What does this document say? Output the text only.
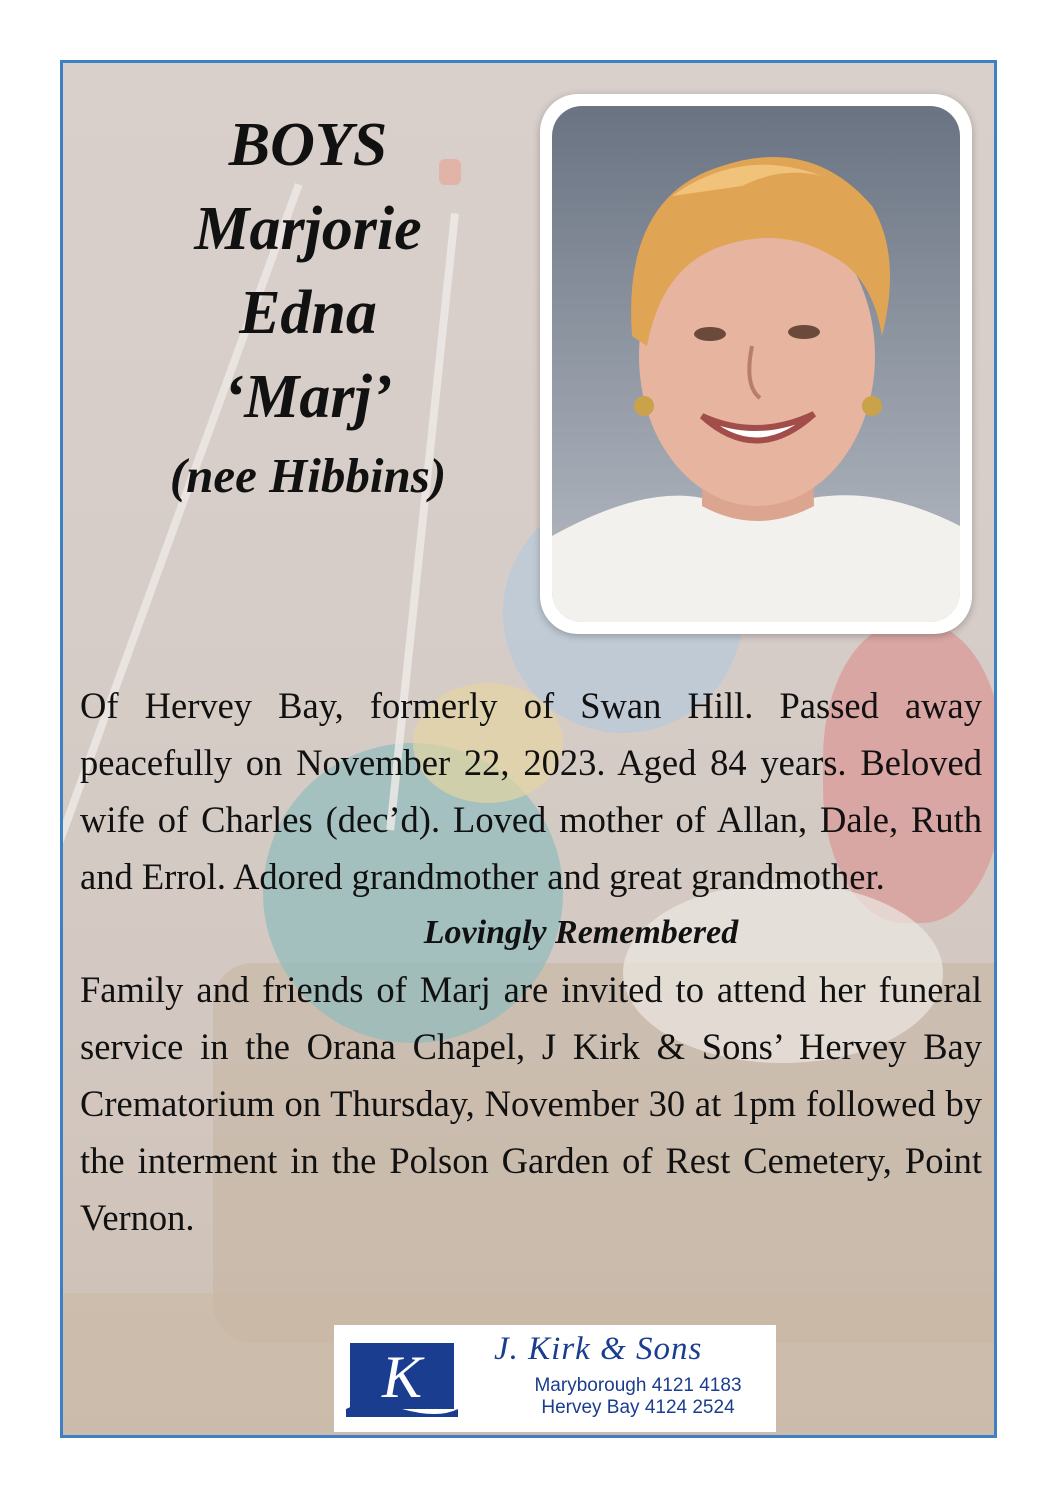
BOYS
Marjorie
Edna
‘Marj’
(nee Hibbins)

Of Hervey Bay, formerly of Swan Hill. Passed away peacefully on November 22, 2023. Aged 84 years. Beloved wife of Charles (dec’d). Loved mother of Allan, Dale, Ruth and Errol. Adored grandmother and great grandmother.

Lovingly Remembered

Family and friends of Marj are invited to attend her funeral service in the Orana Chapel, J Kirk & Sons’ Hervey Bay Crematorium on Thursday, November 30 at 1pm followed by the interment in the Polson Garden of Rest Cemetery, Point Vernon.

K J. Kirk & Sons
Maryborough 4121 4183
Hervey Bay 4124 2524
